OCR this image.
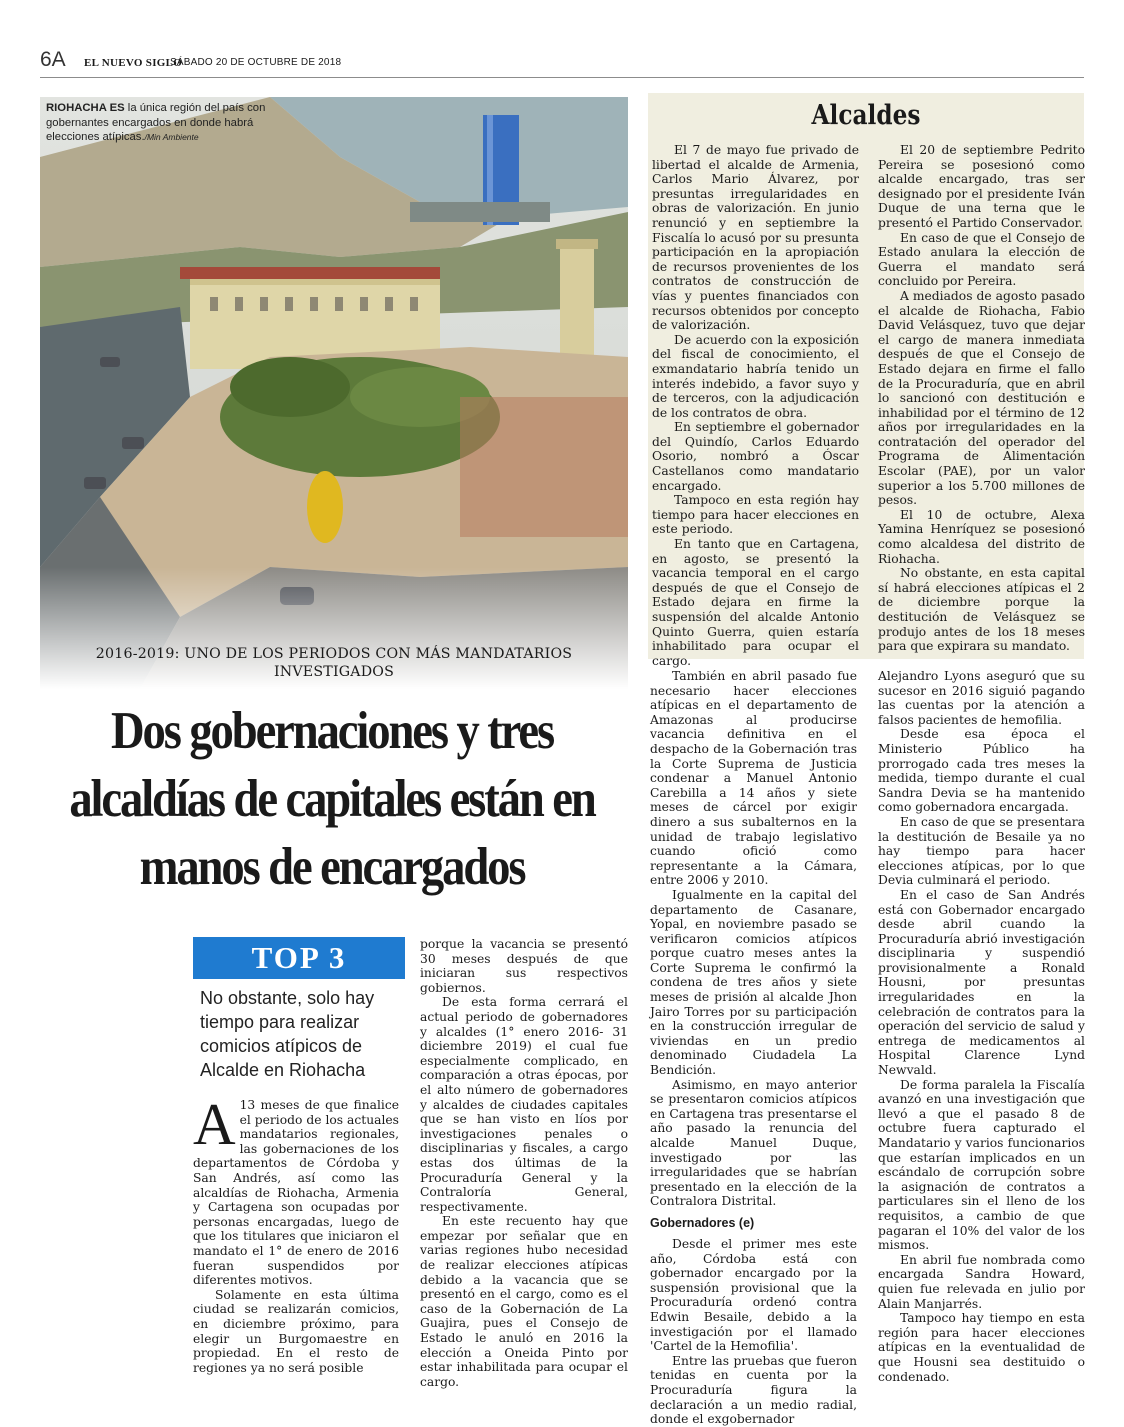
6A EL NUEVO SIGLO
SÁBADO 20 DE OCTUBRE DE 2018
RIOHACHA ES la única región del país con gobernantes encargados en donde habrá elecciones atípicas./Min Ambiente
2016-2019: UNO DE LOS PERIODOS CON MÁS MANDATARIOS INVESTIGADOS
Dos gobernaciones y tres alcaldías de capitales están en manos de encargados
TOP 3
No obstante, solo hay tiempo para realizar comicios atípicos de Alcalde en Riohacha

A 13 meses de que finalice el periodo de los actuales mandatarios regionales, las gobernaciones de los departamentos de Córdoba y San Andrés, así como las alcaldías de Riohacha, Armenia y Cartagena son ocupadas por personas encargadas, luego de que los titulares que iniciaron el mandato el 1° de enero de 2016 fueran suspendidos por diferentes motivos.

Solamente en esta última ciudad se realizarán comicios, en diciembre próximo, para elegir un Burgomaestre en propiedad. En el resto de regiones ya no será posible

porque la vacancia se presentó 30 meses después de que iniciaran sus respectivos gobiernos.

De esta forma cerrará el actual periodo de gobernadores y alcaldes (1° enero 2016- 31 diciembre 2019) el cual fue especialmente complicado, en comparación a otras épocas, por el alto número de gobernadores y alcaldes de ciudades capitales que se han visto en líos por investigaciones penales o disciplinarias y fiscales, a cargo estas dos últimas de la Procuraduría General y la Contraloría General, respectivamente.

En este recuento hay que empezar por señalar que en varias regiones hubo necesidad de realizar elecciones atípicas debido a la vacancia que se presentó en el cargo, como es el caso de la Gobernación de La Guajira, pues el Consejo de Estado le anuló en 2016 la elección a Oneida Pinto por estar inhabilitada para ocupar el cargo.

También en abril pasado fue necesario hacer elecciones atípicas en el departamento de Amazonas al producirse vacancia definitiva en el despacho de la Gobernación tras la Corte Suprema de Justicia condenar a Manuel Antonio Carebilla a 14 años y siete meses de cárcel por exigir dinero a sus subalternos en la unidad de trabajo legislativo cuando ofició como representante a la Cámara, entre 2006 y 2010.

Igualmente en la capital del departamento de Casanare, Yopal, en noviembre pasado se verificaron comicios atípicos porque cuatro meses antes la Corte Suprema le confirmó la condena de tres años y siete meses de prisión al alcalde Jhon Jairo Torres por su participación en la construcción irregular de viviendas en un predio denominado Ciudadela La Bendición.

Asimismo, en mayo anterior se presentaron comicios atípicos en Cartagena tras presentarse el año pasado la renuncia del alcalde Manuel Duque, investigado por las irregularidades que se habrían presentado en la elección de la Contralora Distrital.

Gobernadores (e)

Desde el primer mes este año, Córdoba está con gobernador encargado por la suspensión provisional que la Procuraduría ordenó contra Edwin Besaile, debido a la investigación por el llamado 'Cartel de la Hemofilia'.

Entre las pruebas que fueron tenidas en cuenta por la Procuraduría figura la declaración a un medio radial, donde el exgobernador

Alejandro Lyons aseguró que su sucesor en 2016 siguió pagando las cuentas por la atención a falsos pacientes de hemofilia.

Desde esa época el Ministerio Público ha prorrogado cada tres meses la medida, tiempo durante el cual Sandra Devia se ha mantenido como gobernadora encargada.

En caso de que se presentara la destitución de Besaile ya no hay tiempo para hacer elecciones atípicas, por lo que Devia culminará el periodo.

En el caso de San Andrés está con Gobernador encargado desde abril cuando la Procuraduría abrió investigación disciplinaria y suspendió provisionalmente a Ronald Housni, por presuntas irregularidades en la celebración de contratos para la operación del servicio de salud y entrega de medicamentos al Hospital Clarence Lynd Newvald.

De forma paralela la Fiscalía avanzó en una investigación que llevó a que el pasado 8 de octubre fuera capturado el Mandatario y varios funcionarios que estarían implicados en un escándalo de corrupción sobre la asignación de contratos a particulares sin el lleno de los requisitos, a cambio de que pagaran el 10% del valor de los mismos.

En abril fue nombrada como encargada Sandra Howard, quien fue relevada en julio por Alain Manjarrés.

Tampoco hay tiempo en esta región para hacer elecciones atípicas en la eventualidad de que Housni sea destituido o condenado.

Alcaldes

El 7 de mayo fue privado de libertad el alcalde de Armenia, Carlos Mario Álvarez, por presuntas irregularidades en obras de valorización. En junio renunció y en septiembre la Fiscalía lo acusó por su presunta participación en la apropiación de recursos provenientes de los contratos de construcción de vías y puentes financiados con recursos obtenidos por concepto de valorización.

De acuerdo con la exposición del fiscal de conocimiento, el exmandatario habría tenido un interés indebido, a favor suyo y de terceros, con la adjudicación de los contratos de obra.

En septiembre el gobernador del Quindío, Carlos Eduardo Osorio, nombró a Óscar Castellanos como mandatario encargado.

Tampoco en esta región hay tiempo para hacer elecciones en este periodo.

En tanto que en Cartagena, en agosto, se presentó la vacancia temporal en el cargo después de que el Consejo de Estado dejara en firme la suspensión del alcalde Antonio Quinto Guerra, quien estaría inhabilitado para ocupar el cargo.

El 20 de septiembre Pedrito Pereira se posesionó como alcalde encargado, tras ser designado por el presidente Iván Duque de una terna que le presentó el Partido Conservador.

En caso de que el Consejo de Estado anulara la elección de Guerra el mandato será concluido por Pereira.

A mediados de agosto pasado el alcalde de Riohacha, Fabio David Velásquez, tuvo que dejar el cargo de manera inmediata después de que el Consejo de Estado dejara en firme el fallo de la Procuraduría, que en abril lo sancionó con destitución e inhabilidad por el término de 12 años por irregularidades en la contratación del operador del Programa de Alimentación Escolar (PAE), por un valor superior a los 5.700 millones de pesos.

El 10 de octubre, Alexa Yamina Henríquez se posesionó como alcaldesa del distrito de Riohacha.

No obstante, en esta capital sí habrá elecciones atípicas el 2 de diciembre porque la destitución de Velásquez se produjo antes de los 18 meses para que expirara su mandato.
